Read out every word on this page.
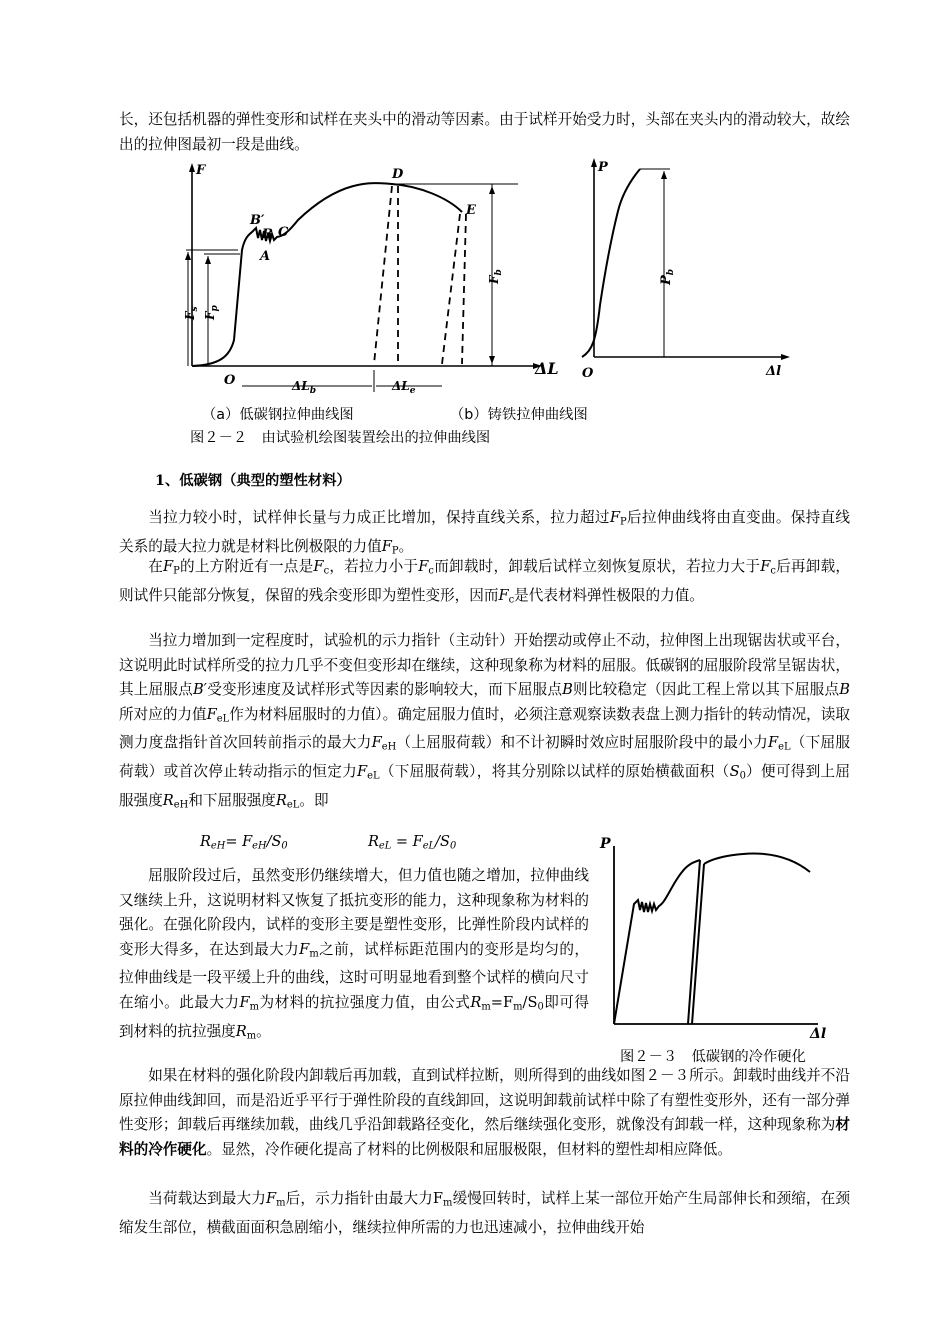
长，还包括机器的弹性变形和试样在夹头中的滑动等因素。由于试样开始受力时，头部在夹头内的滑动较大，故绘出的拉伸图最初一段是曲线。

F
O
A
B′
B C
D
E
ΔL
$F_s$
$F_p$
$F_b$
$\Delta L_b$	$\Delta L_e$
P
O	Δl
$P_b$
（a）低碳钢拉伸曲线图	（b）铸铁拉伸曲线图
图２－２　由试验机绘图装置绘出的拉伸曲线图
1、低碳钢（典型的塑性材料）

当拉力较小时，试样伸长量与力成正比增加，保持直线关系，拉力超过$F_P$后拉伸曲线将由直变曲。保持直线关系的最大拉力就是材料比例极限的力值$F_P$。

在$F_P$的上方附近有一点是$F_c$，若拉力小于$F_c$而卸载时，卸载后试样立刻恢复原状，若拉力大于$F_c$后再卸载，则试件只能部分恢复，保留的残余变形即为塑性变形，因而$F_c$是代表材料弹性极限的力值。

当拉力增加到一定程度时，试验机的示力指针（主动针）开始摆动或停止不动，拉伸图上出现锯齿状或平台，这说明此时试样所受的拉力几乎不变但变形却在继续，这种现象称为材料的屈服。低碳钢的屈服阶段常呈锯齿状，其上屈服点B′受变形速度及试样形式等因素的影响较大，而下屈服点B则比较稳定（因此工程上常以其下屈服点B所对应的力值$F_{eL}$作为材料屈服时的力值）。确定屈服力值时，必须注意观察读数表盘上测力指针的转动情况，读取测力度盘指针首次回转前指示的最大力$F_{eH}$（上屈服荷载）和不计初瞬时效应时屈服阶段中的最小力$F_{eL}$（下屈服荷载）或首次停止转动指示的恒定力$F_{eL}$（下屈服荷载），将其分别除以试样的原始横截面积$(S_0)$便可得到上屈服强度$R_{eH}$和下屈服强度$R_{eL}$。即

$R_{eH}= F_{eH}/S_0$	$R_{eL} = F_{eL}/S_0$

屈服阶段过后，虽然变形仍继续增大，但力值也随之增加，拉伸曲线又继续上升，这说明材料又恢复了抵抗变形的能力，这种现象称为材料的强化。在强化阶段内，试样的变形主要是塑性变形，比弹性阶段内试样的变形大得多，在达到最大力$F_m$之前，试样标距范围内的变形是均匀的，拉伸曲线是一段平缓上升的曲线，这时可明显地看到整个试样的横向尺寸在缩小。此最大力$F_m$为材料的抗拉强度力值，由公式$R_m=F_m/S_0$即可得到材料的抗拉强度$R_m$。

P
Δl
图２－３　低碳钢的冷作硬化

如果在材料的强化阶段内卸载后再加载，直到试样拉断，则所得到的曲线如图２－３所示。卸载时曲线并不沿原拉伸曲线卸回，而是沿近乎平行于弹性阶段的直线卸回，这说明卸载前试样中除了有塑性变形外，还有一部分弹性变形；卸载后再继续加载，曲线几乎沿卸载路径变化，然后继续强化变形，就像没有卸载一样，这种现象称为材料的冷作硬化。显然，冷作硬化提高了材料的比例极限和屈服极限，但材料的塑性却相应降低。

当荷载达到最大力$F_m$后，示力指针由最大力$F_m$缓慢回转时，试样上某一部位开始产生局部伸长和颈缩，在颈缩发生部位，横截面面积急剧缩小，继续拉伸所需的力也迅速减小，拉伸曲线开始
